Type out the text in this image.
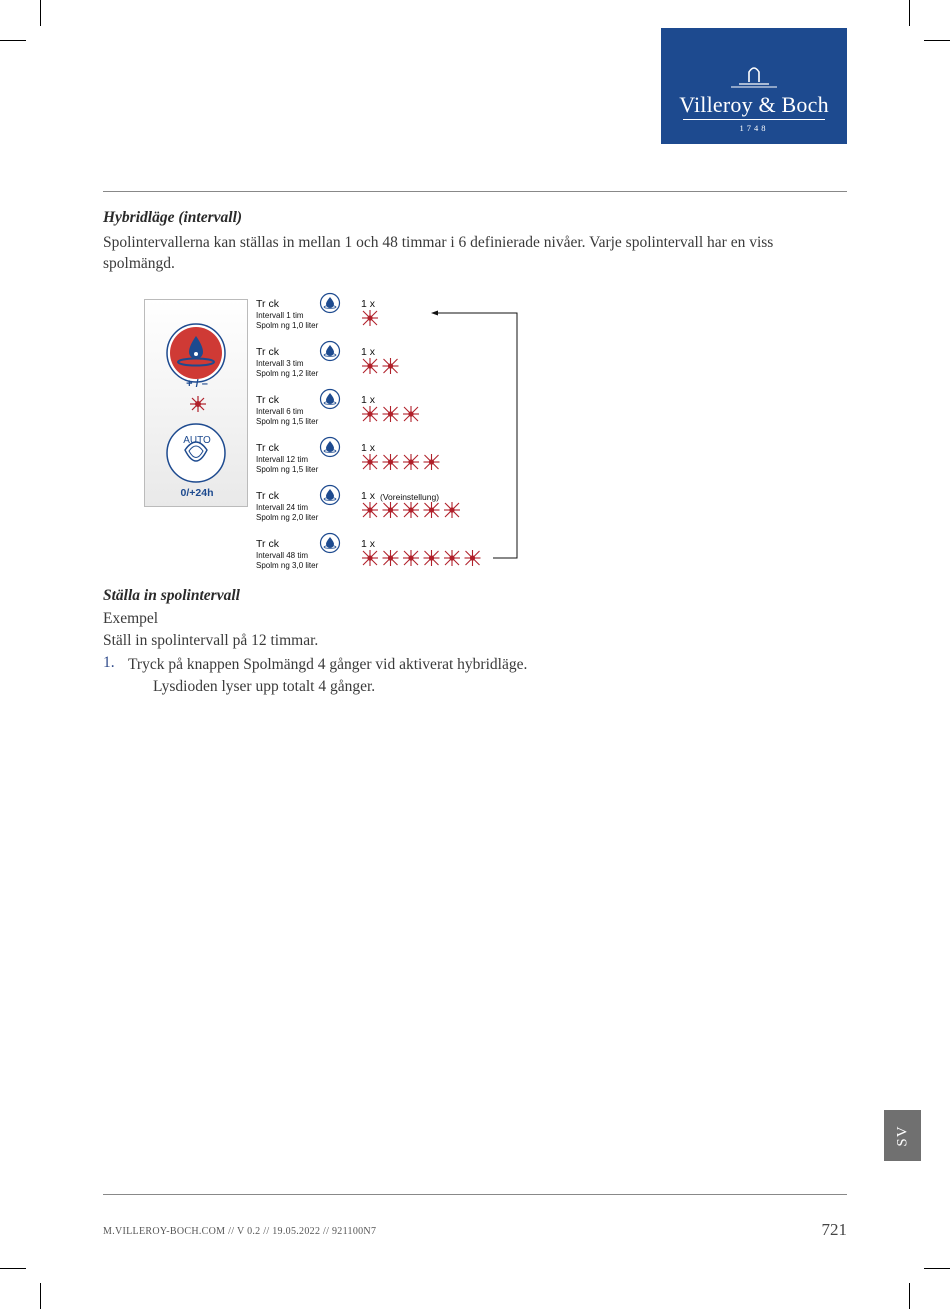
Villeroy & Boch
1748
Hybridläge (intervall)
Spolintervallerna kan ställas in mellan 1 och 48 timmar i 6 definierade nivåer. Varje spolintervall har en viss spolmängd.
+ / –
AUTO
0/+24h
Tr ck
Intervall 1 tim
Spolm ng 1,0 liter
1 x
Tr ck
Intervall 3 tim
Spolm ng 1,2 liter
1 x
Tr ck
Intervall 6 tim
Spolm ng 1,5 liter
1 x
Tr ck
Intervall 12 tim
Spolm ng 1,5 liter
1 x
Tr ck
Intervall 24 tim
Spolm ng 2,0 liter
1 x (Voreinstellung)
Tr ck
Intervall 48 tim
Spolm ng 3,0 liter
1 x
Ställa in spolintervall
Exempel
Ställ in spolintervall på 12 timmar.
1. Tryck på knappen Spolmängd 4 gånger vid aktiverat hybridläge.
Lysdioden lyser upp totalt 4 gånger.
SV
M.VILLEROY-BOCH.COM // V 0.2 // 19.05.2022 // 921100N7	721
